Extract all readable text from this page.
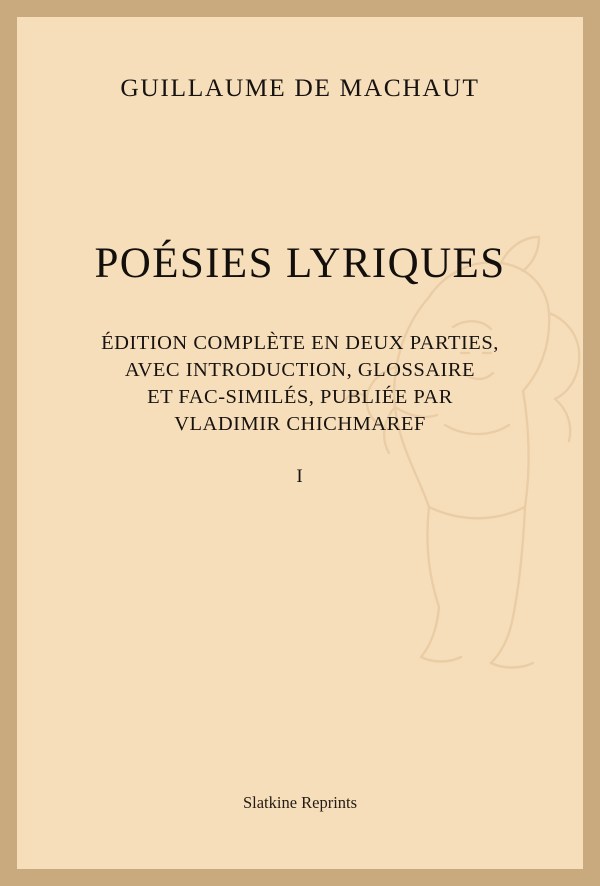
GUILLAUME DE MACHAUT
POÉSIES LYRIQUES
ÉDITION COMPLÈTE EN DEUX PARTIES,
AVEC INTRODUCTION, GLOSSAIRE
ET FAC-SIMILÉS, PUBLIÉE PAR
VLADIMIR CHICHMAREF
I
Slatkine Reprints
